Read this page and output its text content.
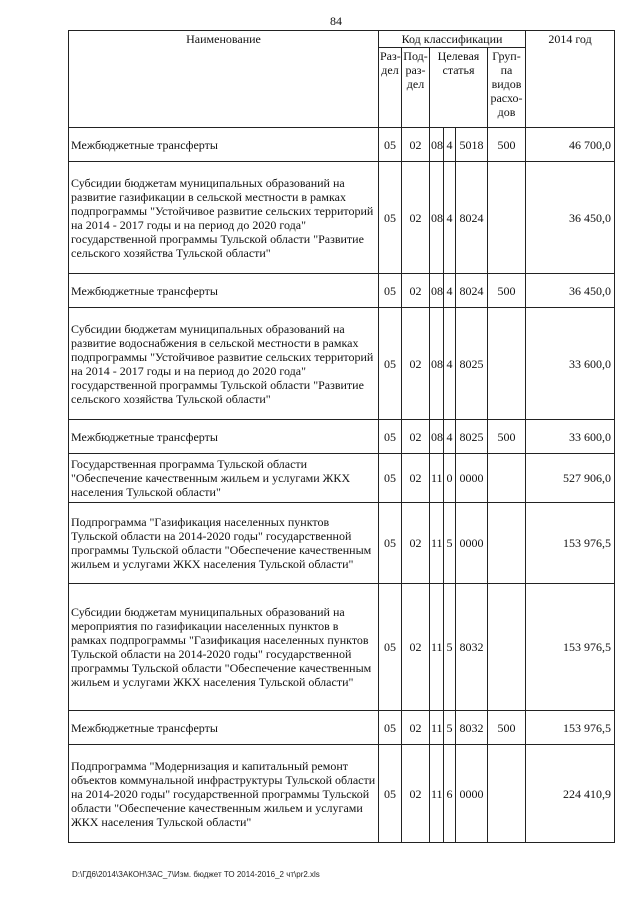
84
Наименование	Код классификации						2014 год
	Раз- дел	Под- раз- дел	Целевая статья			Груп- па видов расхо- дов	
Межбюджетные трансферты	05	02	08	4	5018	500	46 700,0
Субсидии бюджетам муниципальных образований на развитие газификации в сельской местности в рамках подпрограммы "Устойчивое развитие сельских территорий на 2014 - 2017 годы и на период до 2020 года" государственной программы Тульской области "Развитие сельского хозяйства Тульской области"	05	02	08	4	8024		36 450,0
Межбюджетные трансферты	05	02	08	4	8024	500	36 450,0
Субсидии бюджетам муниципальных образований на развитие водоснабжения в сельской местности в рамках подпрограммы "Устойчивое развитие сельских территорий на 2014 - 2017 годы и на период до 2020 года" государственной программы Тульской области "Развитие сельского хозяйства Тульской области"	05	02	08	4	8025		33 600,0
Межбюджетные трансферты	05	02	08	4	8025	500	33 600,0
Государственная программа Тульской области "Обеспечение качественным жильем и услугами ЖКХ населения Тульской области"	05	02	11	0	0000		527 906,0
Подпрограмма "Газификация населенных пунктов Тульской области на 2014-2020 годы" государственной программы Тульской области "Обеспечение качественным жильем и услугами ЖКХ населения Тульской области"	05	02	11	5	0000		153 976,5
Субсидии бюджетам муниципальных образований на мероприятия по газификации населенных пунктов в рамках подпрограммы "Газификация населенных пунктов Тульской области на 2014-2020 годы" государственной программы Тульской области "Обеспечение качественным жильем и услугами ЖКХ населения Тульской области"	05	02	11	5	8032		153 976,5
Межбюджетные трансферты	05	02	11	5	8032	500	153 976,5
Подпрограмма "Модернизация и капитальный ремонт объектов коммунальной инфраструктуры Тульской области на 2014-2020 годы" государственной программы Тульской области "Обеспечение качественным жильем и услугами ЖКХ населения Тульской области"	05	02	11	6	0000		224 410,9
D:\ГД6\2014\ЗАКОН\ЗАС_7\Изм. бюджет ТО 2014-2016_2 чт\pr2.xls
